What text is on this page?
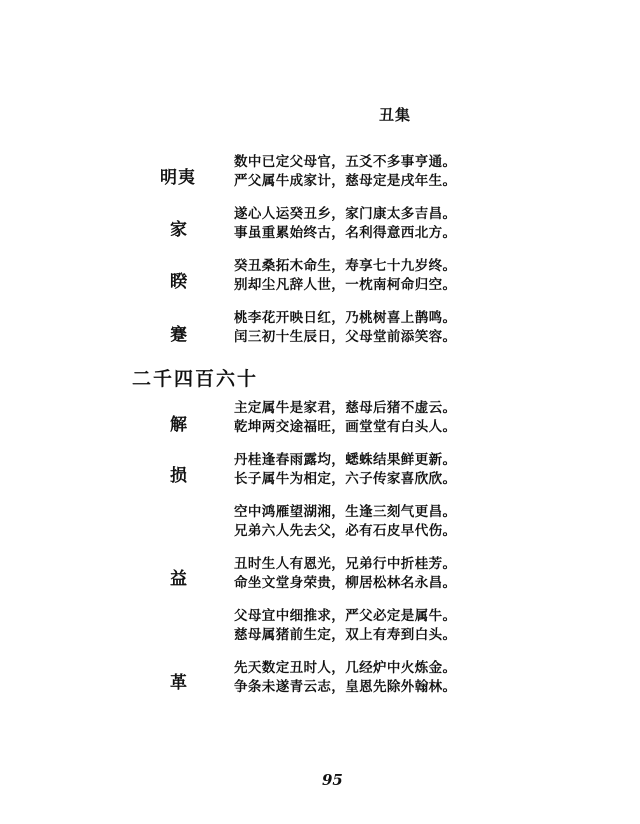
丑集
明夷
家
睽
蹇
数中已定父母官，五爻不多事亨通。
严父属牛成家计，慈母定是戌年生。
遂心人运癸丑乡，家门康太多吉昌。
事虽重累始终古，名利得意西北方。
癸丑桑拓木命生，寿享七十九岁终。
别却尘凡辞人世，一枕南柯命归空。
桃李花开映日红，乃桃树喜上鹊鸣。
闰三初十生辰日，父母堂前添笑容。
二千四百六十
解
损
益
革
主定属牛是家君，慈母后猪不虚云。
乾坤两交途福旺，画堂堂有白头人。
丹桂逢春雨露均，蟋蛛结果鲜更新。
长子属牛为相定，六子传家喜欣欣。
空中鸿雁望湖湘，生逢三刻气更昌。
兄弟六人先去父，必有石皮早代伤。
丑时生人有恩光，兄弟行中折桂芳。
命坐文堂身荣贵，柳居松林名永昌。
父母宜中细推求，严父必定是属牛。
慈母属猪前生定，双上有寿到白头。
先天数定丑时人，几经炉中火炼金。
争条未遂青云志，皇恩先除外翰林。
95
